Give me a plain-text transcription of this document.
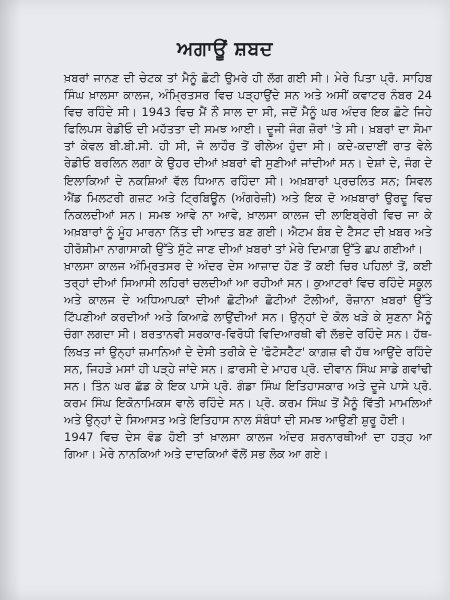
ਅਗਾਊਂ ਸ਼ਬਦ

ਖ਼ਬਰਾਂ ਜਾਨਣ ਦੀ ਚੇਟਕ ਤਾਂ ਮੈਨੂੰ ਛੋਟੀ ਉਮਰੇ ਹੀ ਲੱਗ ਗਈ ਸੀ। ਮੇਰੇ ਪਿਤਾ ਪ੍ਰੋ. ਸਾਹਿਬ ਸਿੰਘ ਖ਼ਾਲਸਾ ਕਾਲਜ, ਅੰਮ੍ਰਿਤਸਰ ਵਿਚ ਪੜ੍ਹਾਉਂਦੇ ਸਨ ਅਤੇ ਅਸੀਂ ਕਵਾਟਰ ਨੰਬਰ 24 ਵਿਚ ਰਹਿੰਦੇ ਸੀ। 1943 ਵਿਚ ਮੈਂ ਨੌਂ ਸਾਲ ਦਾ ਸੀ, ਜਦੋਂ ਮੈਨੂੰ ਘਰ ਅੰਦਰ ਇਕ ਛੋਟੇ ਜਿਹੇ ਫਿਲਿਪਸ ਰੇਡੀਓ ਦੀ ਮਹੱਤਤਾ ਦੀ ਸਮਝ ਆਈ। ਦੂਜੀ ਜੰਗ ਜ਼ੋਰਾਂ 'ਤੇ ਸੀ। ਖ਼ਬਰਾਂ ਦਾ ਸੋਮਾ ਤਾਂ ਕੇਵਲ ਬੀ.ਬੀ.ਸੀ. ਹੀ ਸੀ, ਜੋ ਲਾਹੌਰ ਤੋਂ ਰੀਲੇਅ ਹੁੰਦਾ ਸੀ। ਕਦੇ-ਕਦਾਈਂ ਰਾਤ ਵੇਲੇ ਰੇਡੀਓ ਬਰਲਿਨ ਲਗਾ ਕੇ ਉਹਰ ਦੀਆਂ ਖ਼ਬਰਾਂ ਵੀ ਸੁਣੀਆਂ ਜਾਂਦੀਆਂ ਸਨ। ਦੇਸ਼ਾਂ ਦੇ, ਜੰਗ ਦੇ ਇਲਾਕਿਆਂ ਦੇ ਨਕਸ਼ਿਆਂ ਵੱਲ ਧਿਆਨ ਰਹਿੰਦਾ ਸੀ। ਅਖ਼ਬਾਰਾਂ ਪ੍ਰਚਲਿਤ ਸਨ; ਸਿਵਲ ਐਂਡ ਮਿਲਟਰੀ ਗਜ਼ਟ ਅਤੇ ਟ੍ਰਿਬਿਊਨ (ਅੰਗਰੇਜ਼ੀ) ਅਤੇ ਇਕ ਦੋ ਅਖ਼ਬਾਰਾਂ ਉਰਦੂ ਵਿਚ ਨਿਕਲਦੀਆਂ ਸਨ। ਸਮਝ ਆਵੇ ਨਾ ਆਵੇ, ਖ਼ਾਲਸਾ ਕਾਲਜ ਦੀ ਲਾਇਬ੍ਰੇਰੀ ਵਿਚ ਜਾ ਕੇ ਅਖ਼ਬਾਰਾਂ ਨੂੰ ਮੂੰਹ ਮਾਰਨਾ ਨਿੱਤ ਦੀ ਆਦਤ ਬਣ ਗਈ। ਐਟਮ ਬੰਬ ਦੇ ਟੈਸਟ ਦੀ ਖ਼ਬਰ ਅਤੇ ਹੀਰੋਸ਼ੀਮਾ ਨਾਗਾਸਾਕੀ ਉੱਤੇ ਸੁੱਟੇ ਜਾਣ ਦੀਆਂ ਖ਼ਬਰਾਂ ਤਾਂ ਮੇਰੇ ਦਿਮਾਗ਼ ਉੱਤੇ ਛਪ ਗਈਆਂ।

ਖ਼ਾਲਸਾ ਕਾਲਜ ਅੰਮ੍ਰਿਤਸਰ ਦੇ ਅੰਦਰ ਦੇਸ ਆਜ਼ਾਦ ਹੋਣ ਤੋਂ ਕਈ ਚਿਰ ਪਹਿਲਾਂ ਤੋਂ, ਕਈ ਤਰ੍ਹਾਂ ਦੀਆਂ ਸਿਆਸੀ ਲਹਿਰਾਂ ਚਲਦੀਆਂ ਆ ਰਹੀਆਂ ਸਨ। ਕੁਆਟਰਾਂ ਵਿਚ ਰਹਿੰਦੇ ਸਕੂਲ ਅਤੇ ਕਾਲਜ ਦੇ ਅਧਿਆਪਕਾਂ ਦੀਆਂ ਛੋਟੀਆਂ ਛੋਟੀਆਂ ਟੋਲੀਆਂ, ਰੋਜ਼ਾਨਾ ਖ਼ਬਰਾਂ ਉੱਤੇ ਟਿੱਪਣੀਆਂ ਕਰਦੀਆਂ ਅਤੇ ਕਿਆਫ਼ੇ ਲਾਉਂਦੀਆਂ ਸਨ। ਉਨ੍ਹਾਂ ਦੇ ਕੋਲ ਖੜੇ ਕੇ ਸੁਣਨਾ ਮੈਨੂੰ ਚੰਗਾ ਲਗਦਾ ਸੀ। ਬਰਤਾਨਵੀ ਸਰਕਾਰ-ਵਿਰੋਧੀ ਵਿਦਿਆਰਥੀ ਵੀ ਲੱਭਦੇ ਰਹਿੰਦੇ ਸਨ। ਹੱਥ-ਲਿਖਤ ਜਾਂ ਉਨ੍ਹਾਂ ਜ਼ਮਾਨਿਆਂ ਦੇ ਦੇਸੀ ਤਰੀਕੇ ਦੇ 'ਫੋਟੋਸਟੈਟ' ਕਾਗ਼ਜ਼ ਵੀ ਹੱਥ ਆਉਂਦੇ ਰਹਿੰਦੇ ਸਨ, ਜਿਹੜੇ ਮਸਾਂ ਹੀ ਪੜ੍ਹੇ ਜਾਂਦੇ ਸਨ। ਫ਼ਾਰਸੀ ਦੇ ਮਾਹਰ ਪ੍ਰੋ. ਦੀਵਾਨ ਸਿੰਘ ਸਾਡੇ ਗਵਾਂਢੀ ਸਨ। ਤਿੰਨ ਘਰ ਛੱਡ ਕੇ ਇਕ ਪਾਸੇ ਪ੍ਰੋ. ਗੰਡਾ ਸਿੰਘ ਇਤਿਹਾਸਕਾਰ ਅਤੇ ਦੂਜੇ ਪਾਸੇ ਪ੍ਰੋ. ਕਰਮ ਸਿੰਘ ਇਕੋਨਾਮਿਕਸ ਵਾਲੇ ਰਹਿੰਦੇ ਸਨ। ਪ੍ਰੋ. ਕਰਮ ਸਿੰਘ ਤੋਂ ਮੈਨੂੰ ਵਿੱਤੀ ਮਾਮਲਿਆਂ ਅਤੇ ਉਨ੍ਹਾਂ ਦੇ ਸਿਆਸਤ ਅਤੇ ਇਤਿਹਾਸ ਨਾਲ ਸੰਬੰਧਾਂ ਦੀ ਸਮਝ ਆਉਣੀ ਸ਼ੁਰੂ ਹੋਈ।

1947 ਵਿਚ ਦੇਸ ਵੰਡ ਹੋਈ ਤਾਂ ਖ਼ਾਲਸਾ ਕਾਲਜ ਅੰਦਰ ਸ਼ਰਨਾਰਥੀਆਂ ਦਾ ਹੜ੍ਹ ਆ ਗਿਆ। ਮੇਰੇ ਨਾਨਕਿਆਂ ਅਤੇ ਦਾਦਕਿਆਂ ਵੱਲੋਂ ਸਭ ਲੋਕ ਆ ਗਏ।
